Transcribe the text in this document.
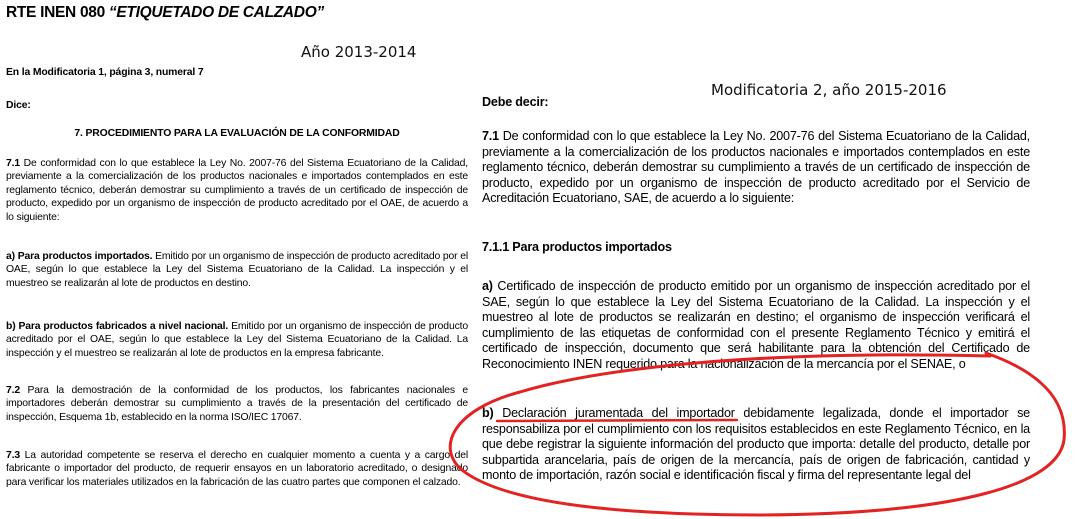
RTE INEN 080 “ETIQUETADO DE CALZADO”
Año 2013-2014
Modificatoria 2, año 2015-2016
En la Modificatoria 1, página 3, numeral 7
Dice:
7. PROCEDIMIENTO PARA LA EVALUACIÓN DE LA CONFORMIDAD

7.1 De conformidad con lo que establece la Ley No. 2007-76 del Sistema Ecuatoriano de la Calidad, previamente a la comercialización de los productos nacionales e importados contemplados en este reglamento técnico, deberán demostrar su cumplimiento a través de un certificado de inspección de producto, expedido por un organismo de inspección de producto acreditado por el OAE, de acuerdo a lo siguiente:

a) Para productos importados. Emitido por un organismo de inspección de producto acreditado por el OAE, según lo que establece la Ley del Sistema Ecuatoriano de la Calidad. La inspección y el muestreo se realizarán al lote de productos en destino.

b) Para productos fabricados a nivel nacional. Emitido por un organismo de inspección de producto acreditado por el OAE, según lo que establece la Ley del Sistema Ecuatoriano de la Calidad. La inspección y el muestreo se realizarán al lote de productos en la empresa fabricante.

7.2 Para la demostración de la conformidad de los productos, los fabricantes nacionales e importadores deberán demostrar su cumplimiento a través de la presentación del certificado de inspección, Esquema 1b, establecido en la norma ISO/IEC 17067.

7.3 La autoridad competente se reserva el derecho en cualquier momento a cuenta y a cargo del fabricante o importador del producto, de requerir ensayos en un laboratorio acreditado, o designado para verificar los materiales utilizados en la fabricación de las cuatro partes que componen el calzado.

Debe decir:

7.1 De conformidad con lo que establece la Ley No. 2007-76 del Sistema Ecuatoriano de la Calidad, previamente a la comercialización de los productos nacionales e importados contemplados en este reglamento técnico, deberán demostrar su cumplimiento a través de un certificado de inspección de producto, expedido por un organismo de inspección de producto acreditado por el Servicio de Acreditación Ecuatoriano, SAE, de acuerdo a lo siguiente:

7.1.1 Para productos importados

a) Certificado de inspección de producto emitido por un organismo de inspección acreditado por el SAE, según lo que establece la Ley del Sistema Ecuatoriano de la Calidad. La inspección y el muestreo al lote de productos se realizarán en destino; el organismo de inspección verificará el cumplimiento de las etiquetas de conformidad con el presente Reglamento Técnico y emitirá el certificado de inspección, documento que será habilitante para la obtención del Certificado de Reconocimiento INEN requerido para la nacionalización de la mercancía por el SENAE, o

b) Declaración juramentada del importador debidamente legalizada, donde el importador se responsabiliza por el cumplimiento con los requisitos establecidos en este Reglamento Técnico, en la que debe registrar la siguiente información del producto que importa: detalle del producto, detalle por subpartida arancelaria, país de origen de la mercancía, país de origen de fabricación, cantidad y monto de importación, razón social e identificación fiscal y firma del representante legal del
